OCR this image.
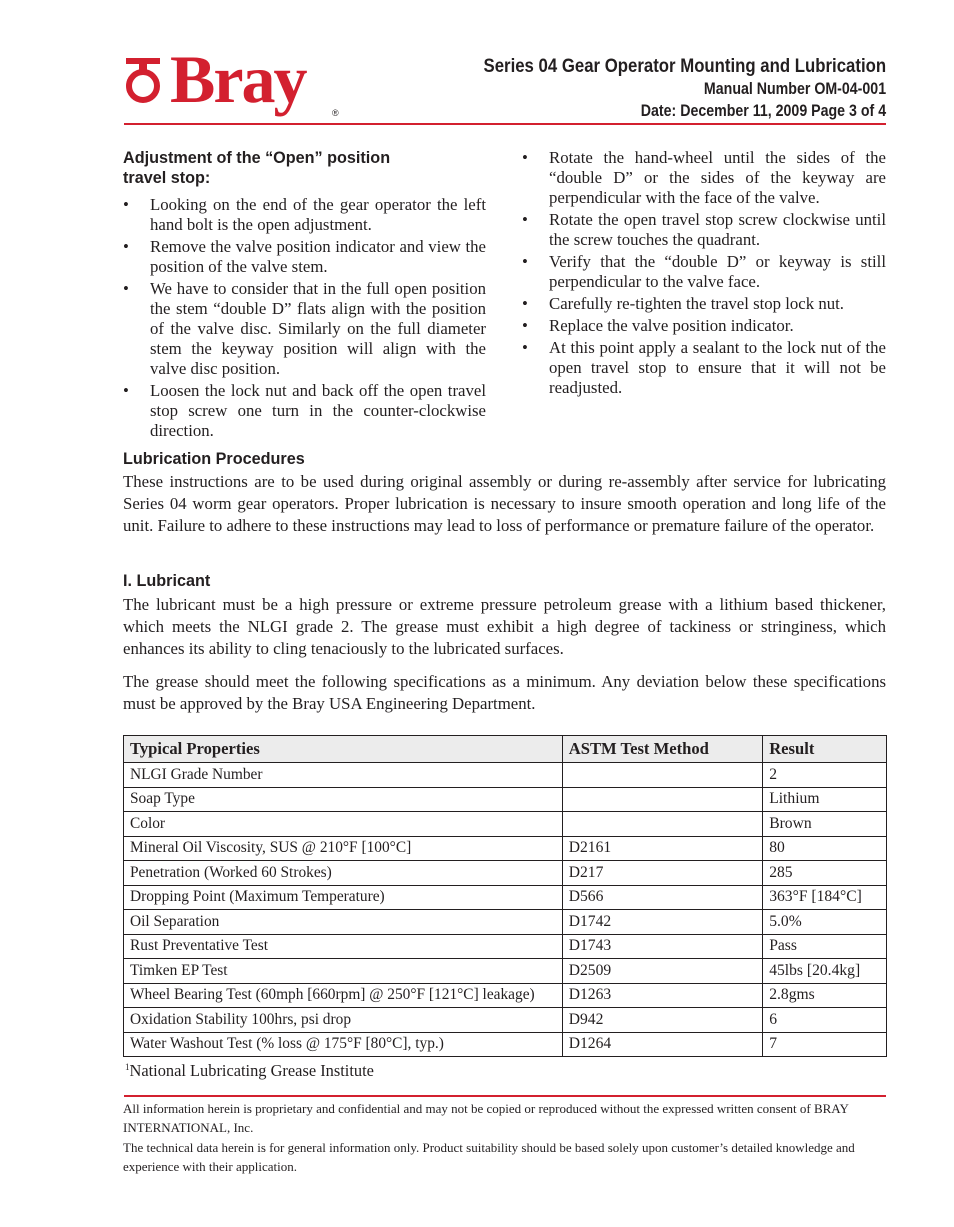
Bray	®
Series 04 Gear Operator Mounting and Lubrication
Manual Number OM-04-001
Date: December 11, 2009 Page 3 of 4
Adjustment of the “Open” position
travel stop:
• Looking on the end of the gear operator the left hand bolt is the open adjustment.
• Remove the valve position indicator and view the position of the valve stem.
• We have to consider that in the full open position the stem “double D” flats align with the position of the valve disc. Similarly on the full diameter stem the keyway position will align with the valve disc position.
• Loosen the lock nut and back off the open travel stop screw one turn in the counter-clockwise direction.
• Rotate the hand-wheel until the sides of the “double D” or the sides of the keyway are perpendicular with the face of the valve.
• Rotate the open travel stop screw clockwise until the screw touches the quadrant.
• Verify that the “double D” or keyway is still perpendicular to the valve face.
• Carefully re-tighten the travel stop lock nut.
• Replace the valve position indicator.
• At this point apply a sealant to the lock nut of the open travel stop to ensure that it will not be readjusted.
Lubrication Procedures
These instructions are to be used during original assembly or during re-assembly after service for lubricating Series 04 worm gear operators. Proper lubrication is necessary to insure smooth operation and long life of the unit. Failure to adhere to these instructions may lead to loss of performance or premature failure of the operator.
I. Lubricant
The lubricant must be a high pressure or extreme pressure petroleum grease with a lithium based thickener, which meets the NLGI grade 2. The grease must exhibit a high degree of tackiness or stringiness, which enhances its ability to cling tenaciously to the lubricated surfaces.
The grease should meet the following specifications as a minimum. Any deviation below these specifications must be approved by the Bray USA Engineering Department.
Typical Properties	ASTM Test Method	Result
NLGI Grade Number		2
Soap Type		Lithium
Color		Brown
Mineral Oil Viscosity, SUS @ 210°F [100°C]	D2161	80
Penetration (Worked 60 Strokes)	D217	285
Dropping Point (Maximum Temperature)	D566	363°F [184°C]
Oil Separation	D1742	5.0%
Rust Preventative Test	D1743	Pass
Timken EP Test	D2509	45lbs [20.4kg]
Wheel Bearing Test (60mph [660rpm] @ 250°F [121°C] leakage)	D1263	2.8gms
Oxidation Stability 100hrs, psi drop	D942	6
Water Washout Test (% loss @ 175°F [80°C], typ.)	D1264	7
$^1$National Lubricating Grease Institute
All information herein is proprietary and confidential and may not be copied or reproduced without the expressed written consent of BRAY INTERNATIONAL, Inc.
The technical data herein is for general information only. Product suitability should be based solely upon customer’s detailed knowledge and experience with their application.
